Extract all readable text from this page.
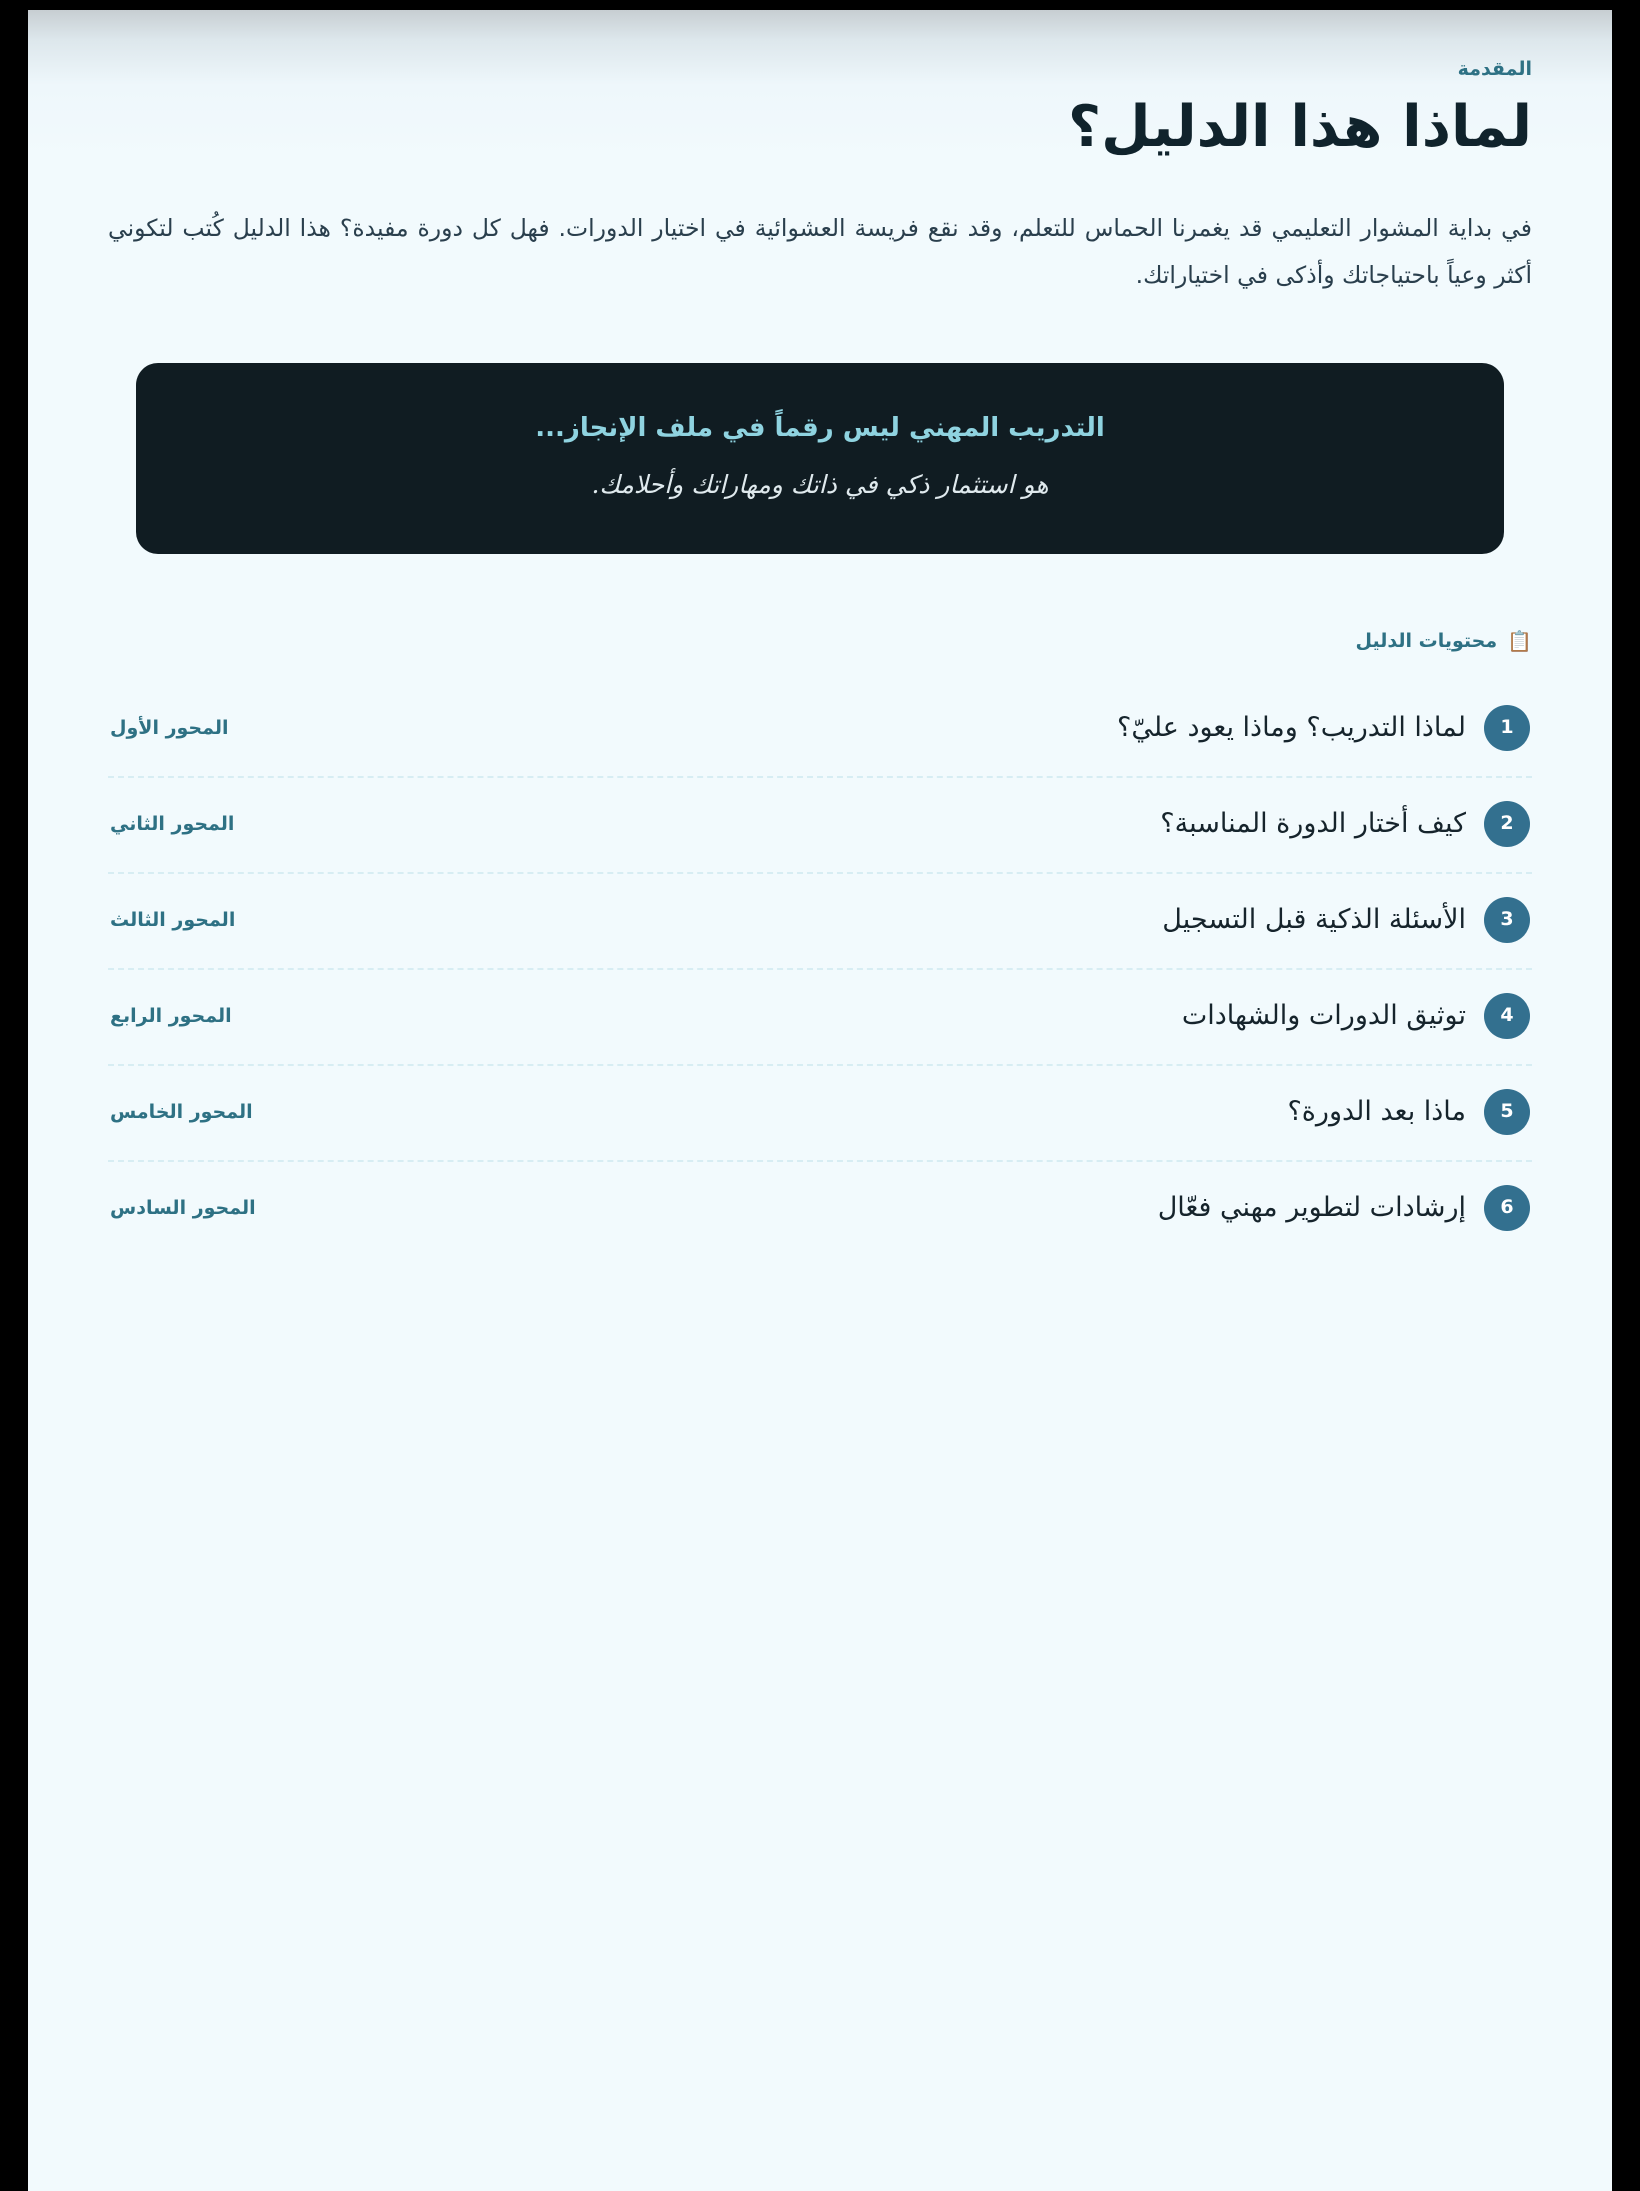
المقدمة
لماذا هذا الدليل؟

في بداية المشوار التعليمي قد يغمرنا الحماس للتعلم، وقد نقع فريسة العشوائية في اختيار الدورات. فهل كل دورة مفيدة؟ هذا الدليل كُتب لتكوني أكثر وعياً باحتياجاتك وأذكى في اختياراتك.

التدريب المهني ليس رقماً في ملف الإنجاز...
هو استثمار ذكي في ذاتك ومهاراتك وأحلامك.
📋
محتويات الدليل
1
لماذا التدريب؟ وماذا يعود عليّ؟
المحور الأول
2
كيف أختار الدورة المناسبة؟
المحور الثاني
3
الأسئلة الذكية قبل التسجيل
المحور الثالث
4
توثيق الدورات والشهادات
المحور الرابع
5
ماذا بعد الدورة؟
المحور الخامس
6
إرشادات لتطوير مهني فعّال
المحور السادس
